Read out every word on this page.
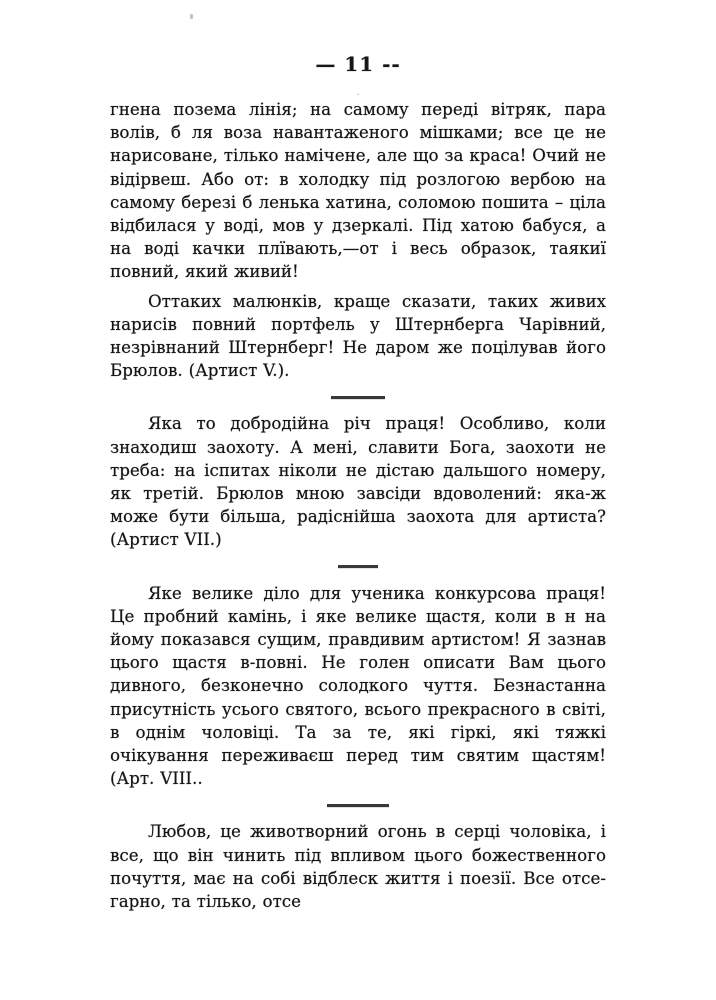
— 11 --
.

гнена позема лінія; на самому переді вітряк, пара волів, б ля воза навантаженого мішками; все це не нарисоване, тілько намічене, але що за краса! Очий не відірвеш. Або от: в холодку під розлогою вербою на самому березі б ленька хатина, соломою пошита – ціла відбилася у воді, мов у дзеркалі. Під хатою бабуся, а на воді качки плївають,—от і весь образок, таякиї повний, який живий!

Оттаких малюнків, краще сказати, таких живих нарисів повний портфель у Штернберга Чарівний, незрівнаний Штернберг! Не даром же поцілував його Брюлов. (Артист V.).

Яка то добродійна річ праця! Особливо, коли знаходиш заохоту. А мені, славити Бога, заохоти не треба: на іспитах ніколи не дістаю дальшого номеру, як третій. Брюлов мною завсіди вдоволений: яка-ж може бути більша, радіснійша заохота для артиста? (Артист VII.)

Яке велике діло для ученика конкурсова праця! Це пробний камінь, і яке велике щастя, коли в н на йому показався сущим, правдивим артистом! Я зазнав цього щастя в-повні. Не голен описати Вам цього дивного, безконечно солодкого чуття. Безнастанна присутність усього святого, всього прекрасного в світі, в однім чоловіці. Та за те, які гіркі, які тяжкі очікування переживаєш перед тим святим щастям! (Арт. VIII..

Любов, це животворний огонь в серці чоловіка, і все, що він чинить під впливом цього божественного почуття, має на собі відблеск життя і поезії. Все отсе-гарно, та тілько, отсе
